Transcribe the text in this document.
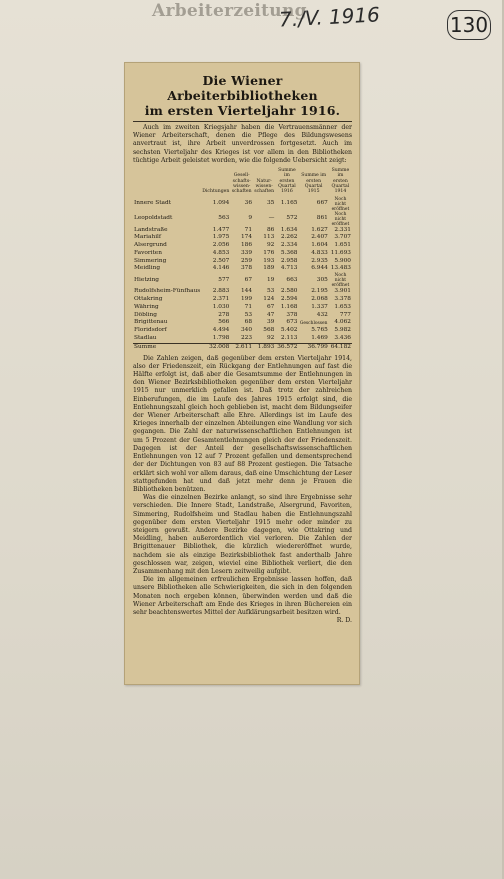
Arbeiterzeitung
7./V. 1916	130
Die Wiener Arbeiterbibliotheken
im ersten Vierteljahr 1916.

Auch im zweiten Kriegsjahr haben die Vertrauensmänner der Wiener Arbeiterschaft, denen die Pflege des Bildungswesens anvertraut ist, ihre Arbeit unverdrossen fortgesetzt. Auch im sechsten Vierteljahr des Krieges ist vor allem in den Bibliotheken tüchtige Arbeit geleistet worden, wie die folgende Uebersicht zeigt:

	Dichtungen	Gesell-schafts-wissen-schaften	Natur-wissen-schaften	Summe im ersten Quartal 1916	Summe im ersten Quartal 1915	Summe im ersten Quartal 1914
Innere Stadt	1.094	36	35	1.165	667	Noch nicht eröffnet
Leopoldstadt	563	9	—	572	861	Noch nicht eröffnet
Landstraße	1.477	71	86	1.634	1.627	2.331
Mariahilf	1.975	174	113	2.262	2.407	3.707
Alsergrund	2.056	186	92	2.334	1.604	1.651
Favoriten	4.853	339	176	5.368	4.833	11.693
Simmering	2.507	259	193	2.958	2.935	5.900
Meidling	4.146	378	189	4.713	6.944	13.483
Hietzing	577	67	19	663	305	Noch nicht eröffnet
Rudolfsheim-Fünfhaus	2.883	144	53	2.580	2.195	3.901
Ottakring	2.371	199	124	2.594	2.068	3.378
Währing	1.030	71	67	1.168	1.337	1.653
Döbling	278	53	47	378	432	777
Brigittenau	566	68	39	673	Geschlossen	4.062
Floridsdorf	4.494	340	568	5.402	5.765	5.982
Stadlau	1.798	223	92	2.113	1.469	3.436
Summe	32.008	2.611	1.893	36.572	36.799	64.182

Die Zahlen zeigen, daß gegenüber dem ersten Vierteljahr 1914, also der Friedenszeit, ein Rückgang der Entlehnungen auf fast die Hälfte erfolgt ist, daß aber die Gesamtsumme der Entlehnungen in den Wiener Bezirksbibliotheken gegenüber dem ersten Vierteljahr 1915 nur unmerklich gefallen ist. Daß trotz der zahlreichen Einberufungen, die im Laufe des Jahres 1915 erfolgt sind, die Entlehnungszahl gleich hoch geblieben ist, macht dem Bildungseifer der Wiener Arbeiterschaft alle Ehre. Allerdings ist im Laufe des Krieges innerhalb der einzelnen Abteilungen eine Wandlung vor sich gegangen. Die Zahl der naturwissenschaftlichen Entlehnungen ist um 5 Prozent der Gesamtentlehnungen gleich der der Friedenszeit. Dagegen ist der Anteil der gesellschaftswissenschaftlichen Entlehnungen von 12 auf 7 Prozent gefallen und dementsprechend der der Dichtungen von 83 auf 88 Prozent gestiegen. Die Tatsache erklärt sich wohl vor allem daraus, daß eine Umschichtung der Leser stattgefunden hat und daß jetzt mehr denn je Frauen die Bibliotheken benützen.

Was die einzelnen Bezirke anlangt, so sind ihre Ergebnisse sehr verschieden. Die Innere Stadt, Landstraße, Alsergrund, Favoriten, Simmering, Rudolfsheim und Stadlau haben die Entlehnungszahl gegenüber dem ersten Vierteljahr 1915 mehr oder minder zu steigern gewußt. Andere Bezirke dagegen, wie Ottakring und Meidling, haben außerordentlich viel verloren. Die Zahlen der Brigittenauer Bibliothek, die kürzlich wiedereröffnet wurde, nachdem sie als einzige Bezirksbibliothek fast anderthalb Jahre geschlossen war, zeigen, wieviel eine Bibliothek verliert, die den Zusammenhang mit den Lesern zeitweilig aufgibt.

Die im allgemeinen erfreulichen Ergebnisse lassen hoffen, daß unsere Bibliotheken alle Schwierigkeiten, die sich in den folgenden Monaten noch ergeben können, überwinden werden und daß die Wiener Arbeiterschaft am Ende des Krieges in ihren Büchereien ein sehr beachtenswertes Mittel der Aufklärungsarbeit besitzen wird.

R. D.
